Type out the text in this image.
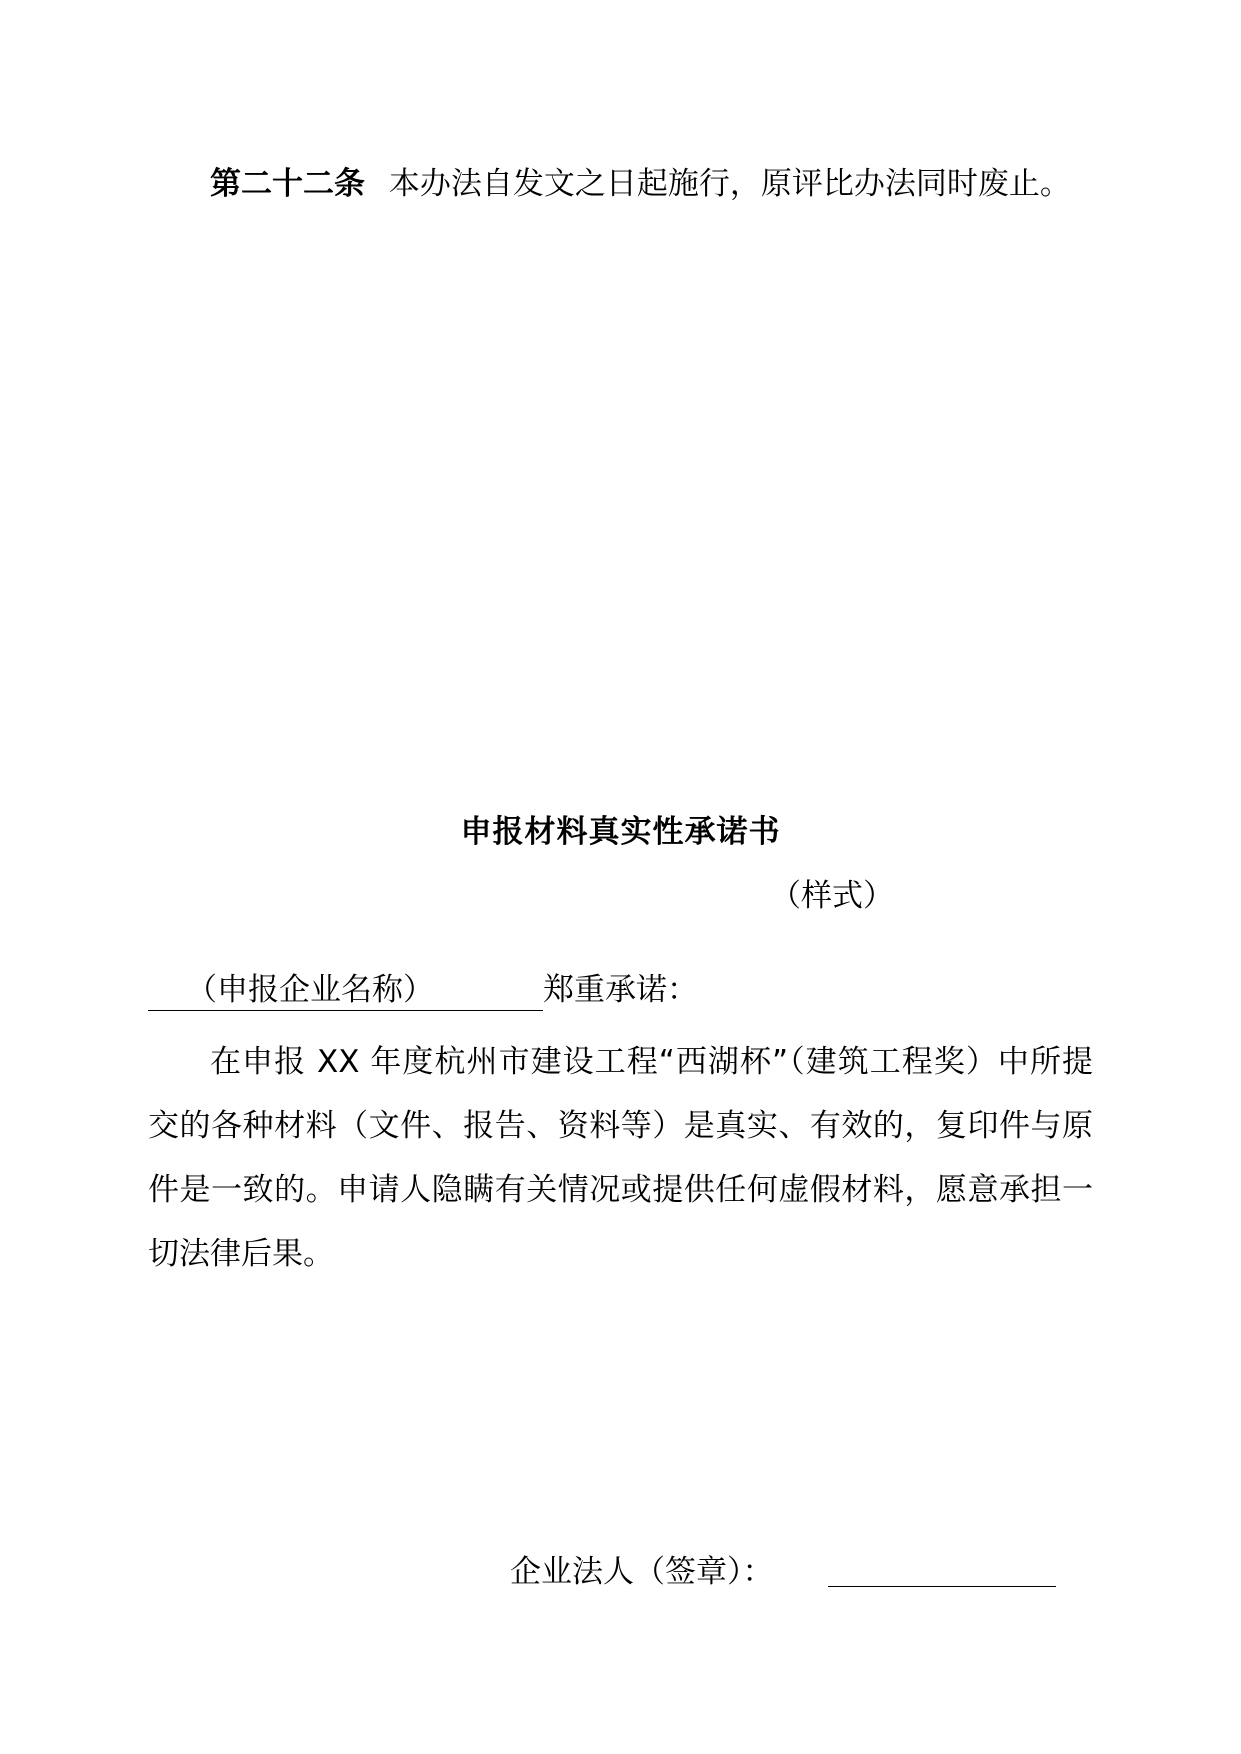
第二十二条 本办法自发文之日起施行，原评比办法同时废止。
申报材料真实性承诺书
（样式）
（申报企业名称）	郑重承诺：
在申报 XX 年度杭州市建设工程“西湖杯”（建筑工程奖）中所提交的各种材料（文件、报告、资料等）是真实、有效的，复印件与原件是一致的。申请人隐瞒有关情况或提供任何虚假材料，愿意承担一切法律后果。
企业法人（签章）：
